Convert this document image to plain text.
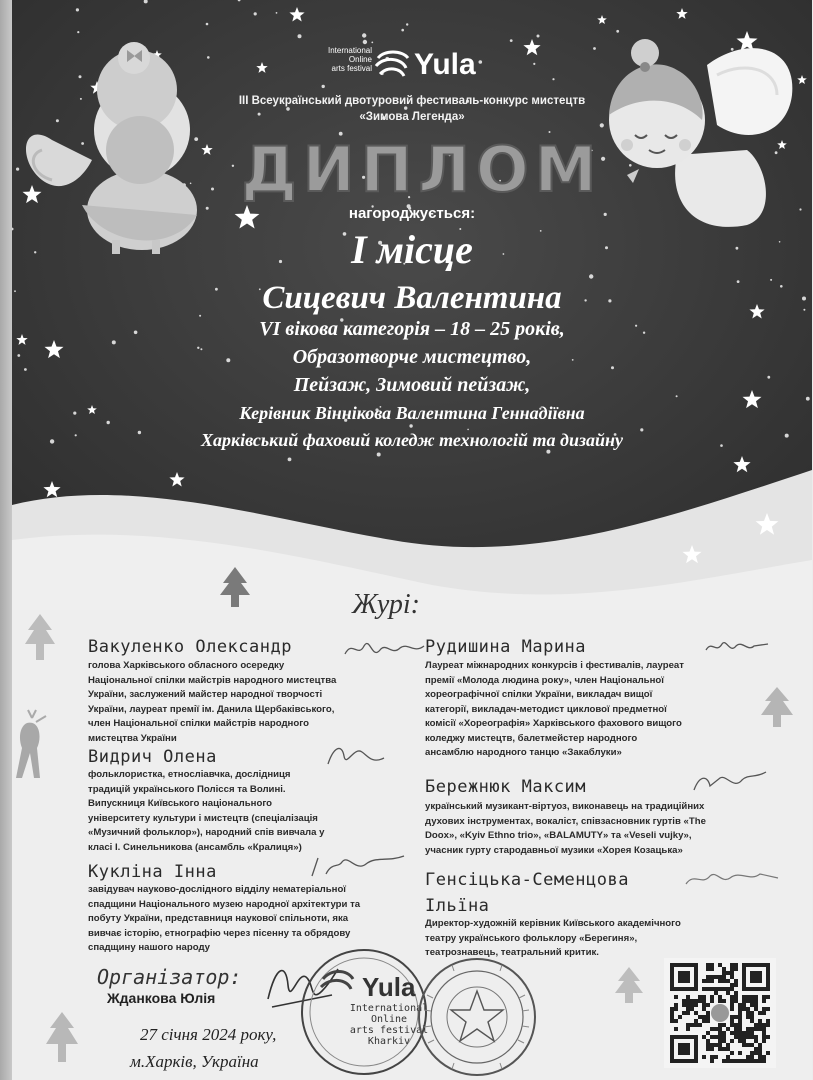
International
Online
arts festival Yula
III Всеукраїнський двотуровий фестиваль-конкурс мистецтв
«Зимова Легенда»
ДИПЛОМ
нагороджується:
I місце
Сицевич Валентина
VI вікова категорія – 18 – 25 років,
Образотворче мистецтво,
Пейзаж, Зимовий пейзаж,
Керівник Віннікова Валентина Геннадіївна
Харківський фаховий коледж технологій та дизайну
Журі:
Вакуленко Олександр
голова Харківського обласного осередку
Національної спілки майстрів народного мистецтва
України, заслужений майстер народної творчості
України, лауреат премії ім. Данила Щербаківського,
член Національної спілки майстрів народного
мистецтва України
Рудишина Марина
Лауреат міжнародних конкурсів і фестивалів, лауреат
премії «Молода людина року», член Національної
хореографічної спілки України, викладач вищої
категорії, викладач-методист циклової предметної
комісії «Хореографія» Харківського фахового вищого
коледжу мистецтв, балетмейстер народного
ансамблю народного танцю «Закаблуки»
Видрич Олена
фольклористка, етносліавчка, дослідниця
традицій українського Полісся та Волині.
Випускниця Київського національного
університету культури і мистецтв (спеціалізація
«Музичний фольклор»), народний спів вивчала у
класі І. Синельникова (ансамбль «Кралиця»)
Бережнюк Максим
український музикант-віртуоз, виконавець на традиційних
духових інструментах, вокаліст, співзасновник гуртів «The
Doox», «Kyiv Ethno trio», «BALAMUTY» та «Veseli vujky»,
учасник гурту стародавньої музики «Хорея Козацька»
Кукліна Інна
завідувач науково-дослідного відділу нематеріальної
спадщини Національного музею народної архітектури та
побуту України, представниця наукової спільноти, яка
вивчає історію, етнографію через пісенну та обрядову
спадщину нашого народу
Генсіцька-Семенцова
Ільїна
Директор-художній керівник Київського академічного
театру українського фольклору «Берегиня»,
театрознавець, театральний критик.
Організатор:
Жданкова Юлія
27 січня 2024 року,
м.Харків, Україна
Yula
International
Online
arts festival
Kharkiv
